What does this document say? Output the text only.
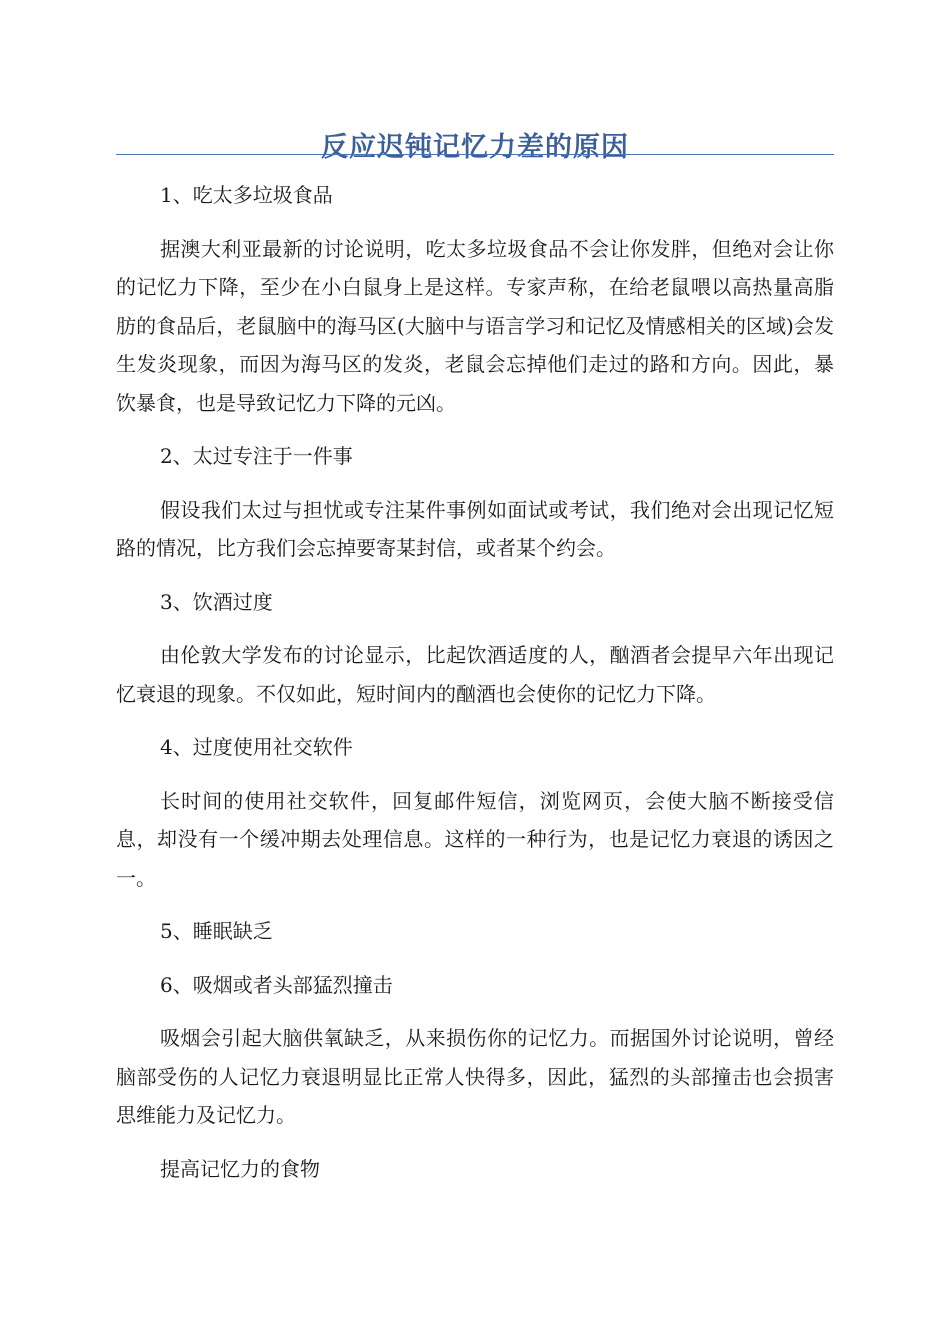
反应迟钝记忆力差的原因

1、吃太多垃圾食品

据澳大利亚最新的讨论说明，吃太多垃圾食品不会让你发胖，但绝对会让你的记忆力下降，至少在小白鼠身上是这样。专家声称，在给老鼠喂以高热量高脂肪的食品后，老鼠脑中的海马区(大脑中与语言学习和记忆及情感相关的区域)会发生发炎现象，而因为海马区的发炎，老鼠会忘掉他们走过的路和方向。因此，暴饮暴食，也是导致记忆力下降的元凶。

2、太过专注于一件事

假设我们太过与担忧或专注某件事例如面试或考试，我们绝对会出现记忆短路的情况，比方我们会忘掉要寄某封信，或者某个约会。

3、饮酒过度

由伦敦大学发布的讨论显示，比起饮酒适度的人，酗酒者会提早六年出现记忆衰退的现象。不仅如此，短时间内的酗酒也会使你的记忆力下降。

4、过度使用社交软件

长时间的使用社交软件，回复邮件短信，浏览网页，会使大脑不断接受信息，却没有一个缓冲期去处理信息。这样的一种行为，也是记忆力衰退的诱因之一。

5、睡眠缺乏

6、吸烟或者头部猛烈撞击

吸烟会引起大脑供氧缺乏，从来损伤你的记忆力。而据国外讨论说明，曾经脑部受伤的人记忆力衰退明显比正常人快得多，因此，猛烈的头部撞击也会损害思维能力及记忆力。

提高记忆力的食物
